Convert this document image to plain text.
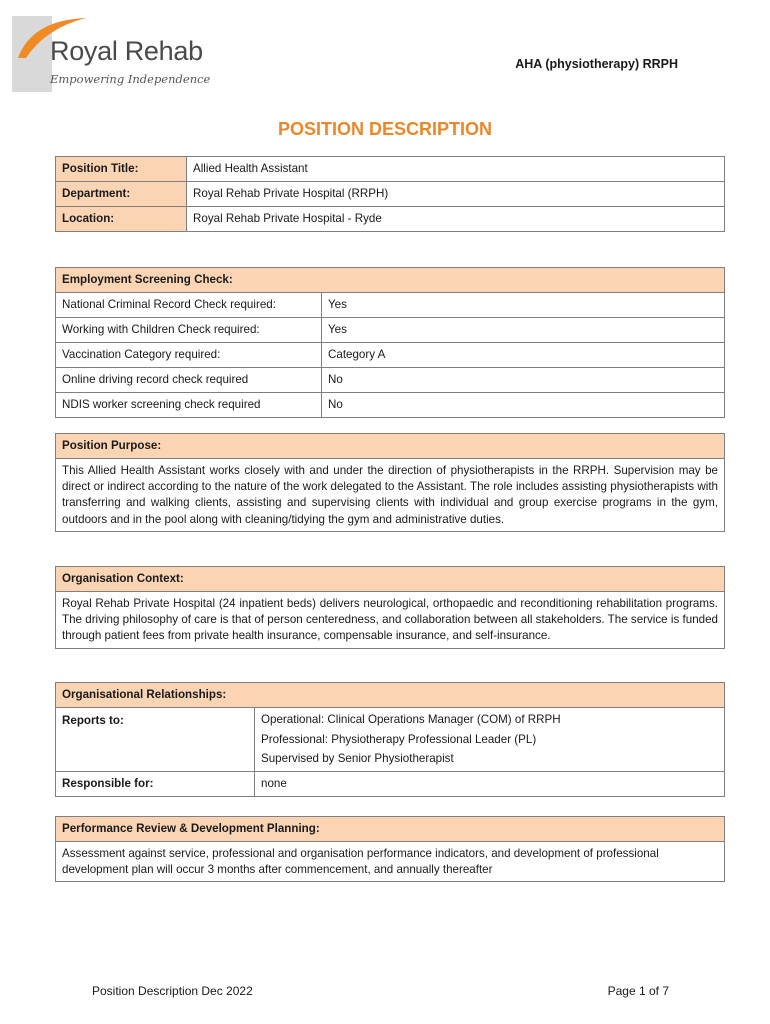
Royal Rehab
Empowering Independence
AHA (physiotherapy) RRPH
POSITION DESCRIPTION
Position Title:	Allied Health Assistant
Department:	Royal Rehab Private Hospital (RRPH)
Location:	Royal Rehab Private Hospital - Ryde
Employment Screening Check:	
National Criminal Record Check required:	Yes
Working with Children Check required:	Yes
Vaccination Category required:	Category A
Online driving record check required	No
NDIS worker screening check required	No
Position Purpose:
This Allied Health Assistant works closely with and under the direction of physiotherapists in the RRPH. Supervision may be direct or indirect according to the nature of the work delegated to the Assistant. The role includes assisting physiotherapists with transferring and walking clients, assisting and supervising clients with individual and group exercise programs in the gym, outdoors and in the pool along with cleaning/tidying the gym and administrative duties.
Organisation Context:
Royal Rehab Private Hospital (24 inpatient beds) delivers neurological, orthopaedic and reconditioning rehabilitation programs. The driving philosophy of care is that of person centeredness, and collaboration between all stakeholders. The service is funded through patient fees from private health insurance, compensable insurance, and self-insurance.
Organisational Relationships:	
Reports to:	Operational: Clinical Operations Manager (COM) of RRPH
Professional: Physiotherapy Professional Leader (PL)
Supervised by Senior Physiotherapist

Responsible for:	none
Performance Review & Development Planning:
Assessment against service, professional and organisation performance indicators, and development of professional development plan will occur 3 months after commencement, and annually thereafter
Position Description Dec 2022	Page 1 of 7
